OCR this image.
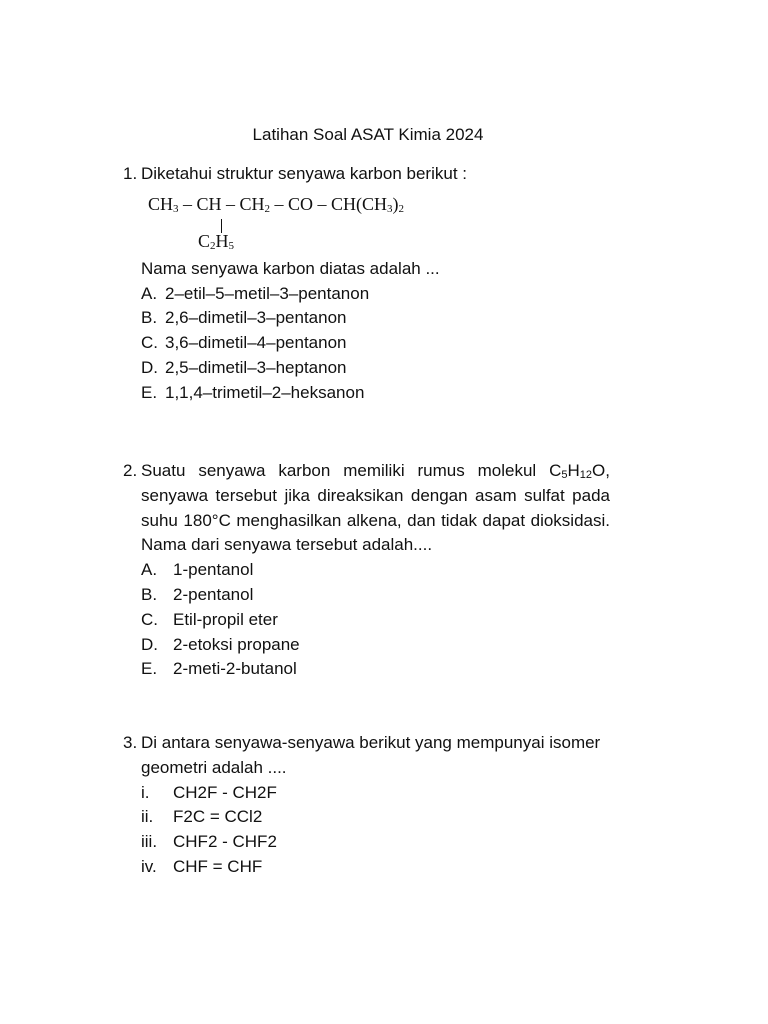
Latihan Soal ASAT Kimia 2024
1. Diketahui struktur senyawa karbon berikut :
$CH_3$ – CH – $CH_2$ – CO – $CH(CH_3)_2$
$C_2H_5$
Nama senyawa karbon diatas adalah ...
A. 2–etil–5–metil–3–pentanon
B. 2,6–dimetil–3–pentanon
C. 3,6–dimetil–4–pentanon
D. 2,5–dimetil–3–heptanon
E. 1,1,4–trimetil–2–heksanon
2. Suatu senyawa karbon memiliki rumus molekul $C_5H_{12}O$, senyawa tersebut jika direaksikan dengan asam sulfat pada suhu 180°C menghasilkan alkena, dan tidak dapat dioksidasi. Nama dari senyawa tersebut adalah....
A. 1-pentanol
B. 2-pentanol
C. Etil-propil eter
D. 2-etoksi propane
E. 2-meti-2-butanol
3. Di antara senyawa-senyawa berikut yang mempunyai isomer geometri adalah ....
i.	CH2F - CH2F
ii.	F2C = CCl2
iii. CHF2 - CHF2
iv. CHF = CHF
